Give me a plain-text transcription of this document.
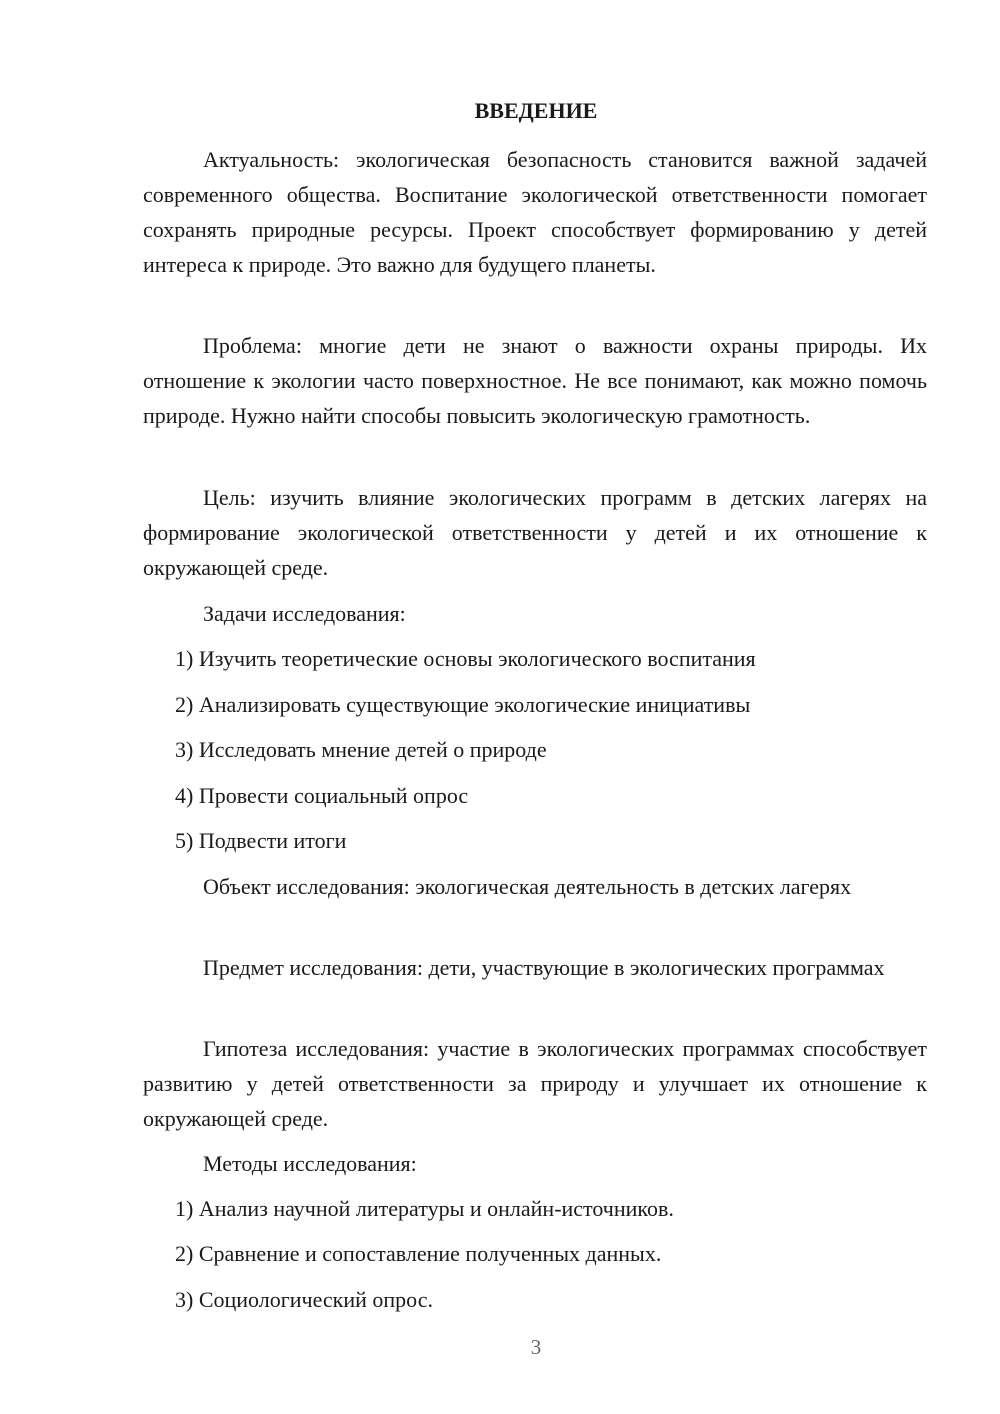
ВВЕДЕНИЕ
Актуальность: экологическая безопасность становится важной задачей современного общества. Воспитание экологической ответственности помогает сохранять природные ресурсы. Проект способствует формированию у детей интереса к природе. Это важно для будущего планеты.
Проблема: многие дети не знают о важности охраны природы. Их отношение к экологии часто поверхностное. Не все понимают, как можно помочь природе. Нужно найти способы повысить экологическую грамотность.
Цель: изучить влияние экологических программ в детских лагерях на формирование экологической ответственности у детей и их отношение к окружающей среде.
Задачи исследования:
1) Изучить теоретические основы экологического воспитания
2) Анализировать существующие экологические инициативы
3) Исследовать мнение детей о природе
4) Провести социальный опрос
5) Подвести итоги
Объект исследования: экологическая деятельность в детских лагерях
Предмет исследования: дети, участвующие в экологических программах
Гипотеза исследования: участие в экологических программах способствует развитию у детей ответственности за природу и улучшает их отношение к окружающей среде.
Методы исследования:
1) Анализ научной литературы и онлайн-источников.
2) Сравнение и сопоставление полученных данных.
3) Социологический опрос.
3
